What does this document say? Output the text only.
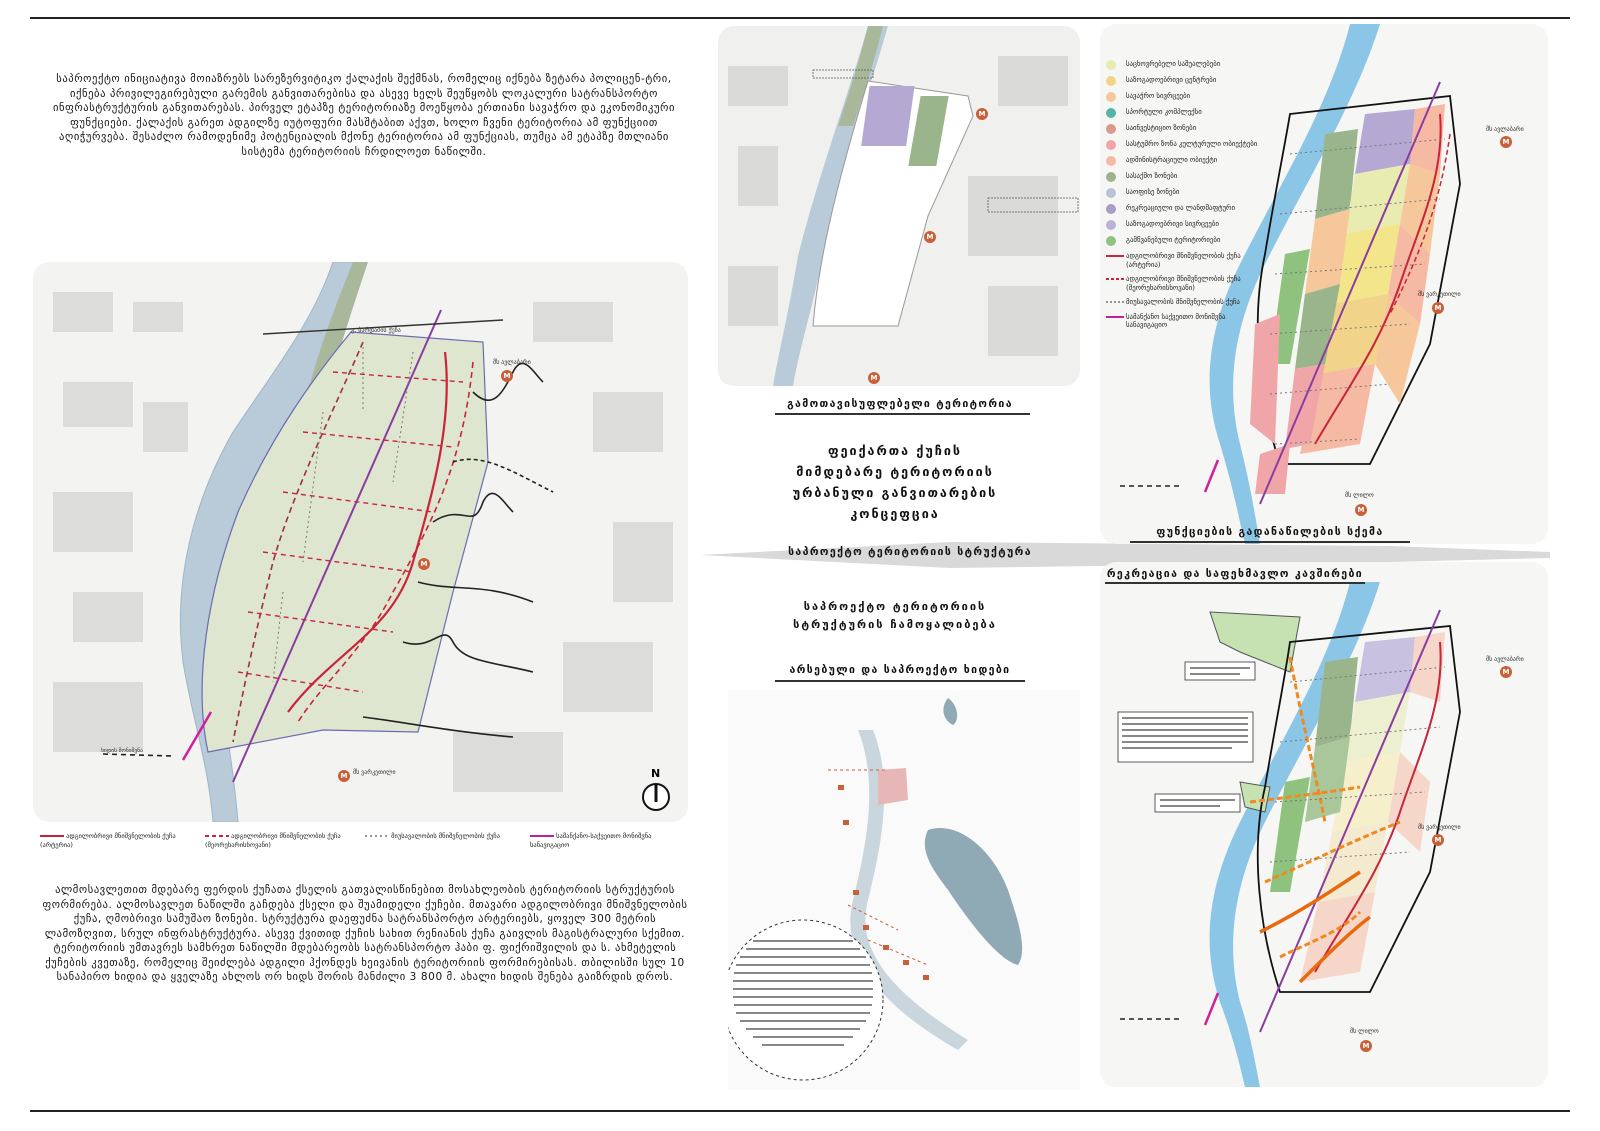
საპროექტო ინიციატივა მოიაზრებს სარეზერვიტიკო ქალაქის შექმნას, რომელიც იქნება ზეტარა პოლიცენ-ტრი, იქნება პრივილეგირებული გარემის განვითარებისა და ასევე ხელს შეუწყობს ლოკალური სატრანსპორტო ინფრასტრუქტურის განვითარებას. პირველ ეტაპზე ტერიტორიაზე მოეწყობა ერთიანი სავაჭრო და ეკონომიკური ფუნქციები. ქალაქის გარეთ ადგილზე იუტოფური მასშტაბით აქვთ, ხოლო ჩვენი ტერიტორია ამ ფუნქციით აღიჭურვება. შესაძლო რამოდენიმე პოტენციალის მქონე ტერიტორია ამ ფუნქციას, თუმცა ამ ეტაპზე მთლიანი სისტემა ტერიტორიის ჩრდილოეთ ნაწილში.
N
გ. ბარდაძის ქუჩა
ხიდის მონიშვნა
მს ავლაბარი
მს ვარკეთილი
M
M
M
ადგილობრივი მნიშვნელობის ქუჩა (არტერია)
ადგილობრივი მნიშვნელობის ქუჩა (მეორეხარისხოვანი)
მიუსავალობის მნიშვნელობის ქუჩა	სამანქანო-საქვეითო მონიშვნა სანავიგაციო
ალმოსავლეთით მდებარე ფერდის ქუჩათა ქსელის გათვალისწინებით მოსახლეობის ტერიტორიის სტრუქტურის ფორმირება. ალმოსავლეთ ნაწილში გაჩდება ქსელი და შუამიდელი ქუჩები. მთავარი ადგილობრივი მნიშვნელობის ქუჩა, ღმობრივი სამუშაო ზონები. სტრუქტურა დაეფუძნა სატრანსპორტო არტერიებს, ყოველ 300 მეტრის ლამოზღვით, სრულ ინფრასტრუქტურა. ასევე ქვითიდ ქუჩის სახით რენიანის ქუჩა გაივლის მაგისტრალური სქემით. ტერიტორიის უმთავრეს სამხრეთ ნაწილში მდებარეობს სატრანსპორტო ჰაბი ფ. ფიქრიშვილის და ს. ახმეტელის ქუჩების კვეთაზე, რომელიც შეიძლება ადგილი ჰქონდეს ხეივანის ტერიტორიის ფორმირებისას. თბილისში სულ 10 სანაპირო ხიდია და ყველაზე ახლოს ორ ხიდს შორის მანძილი 3 800 მ. ახალი ხიდის შენება გაიზრდის დროს.
M
M
M
გამოთავისუფლებელი ტერიტორია
ფეიქართა ქუჩის
მიმდებარე ტერიტორიის
ურბანული განვითარების
კონცეფცია
საპროექტო ტერიტორიის სტრუქტურა
საპროექტო ტერიტორიის
სტრუქტურის ჩამოყალიბება
არსებული და საპროექტო ხიდები
M
M
M
მს ავლაბარი
მს ვარკეთილი
მს ლილო
საცხოვრებელი საშუალებები
საზოგადოებრივი ცენტრები
სავაჭრო სივრცეები
სპორტული კომპლექსი
საინვესტიციო ზონები
სასტუმრო ზონა კულტურული ობიექტები
ადმინისტრაციული ობიექტი
სასაქმო ზონები
საოფისე ზონები
რეკრეაციული და ლანდშაფტური
საზოგადოებრივი სივრცეები
გამწვანებული ტერიტორიები
ადგილობრივი მნიშვნელობის ქუჩა (არტერია)
ადგილობრივი მნიშვნელობის ქუჩა (მეორეხარისხოვანი)
მიუსავალობის მნიშვნელობის ქუჩა
სამანქანო საქვეითო მონიშვნა სანავიგაციო
ფუნქციების გადანაწილების სქემა
M
M
M
მს ავლაბარი
მს ვარკეთილი
მს ლილო
რეკრეაცია და საფეხმავლო კავშირები
